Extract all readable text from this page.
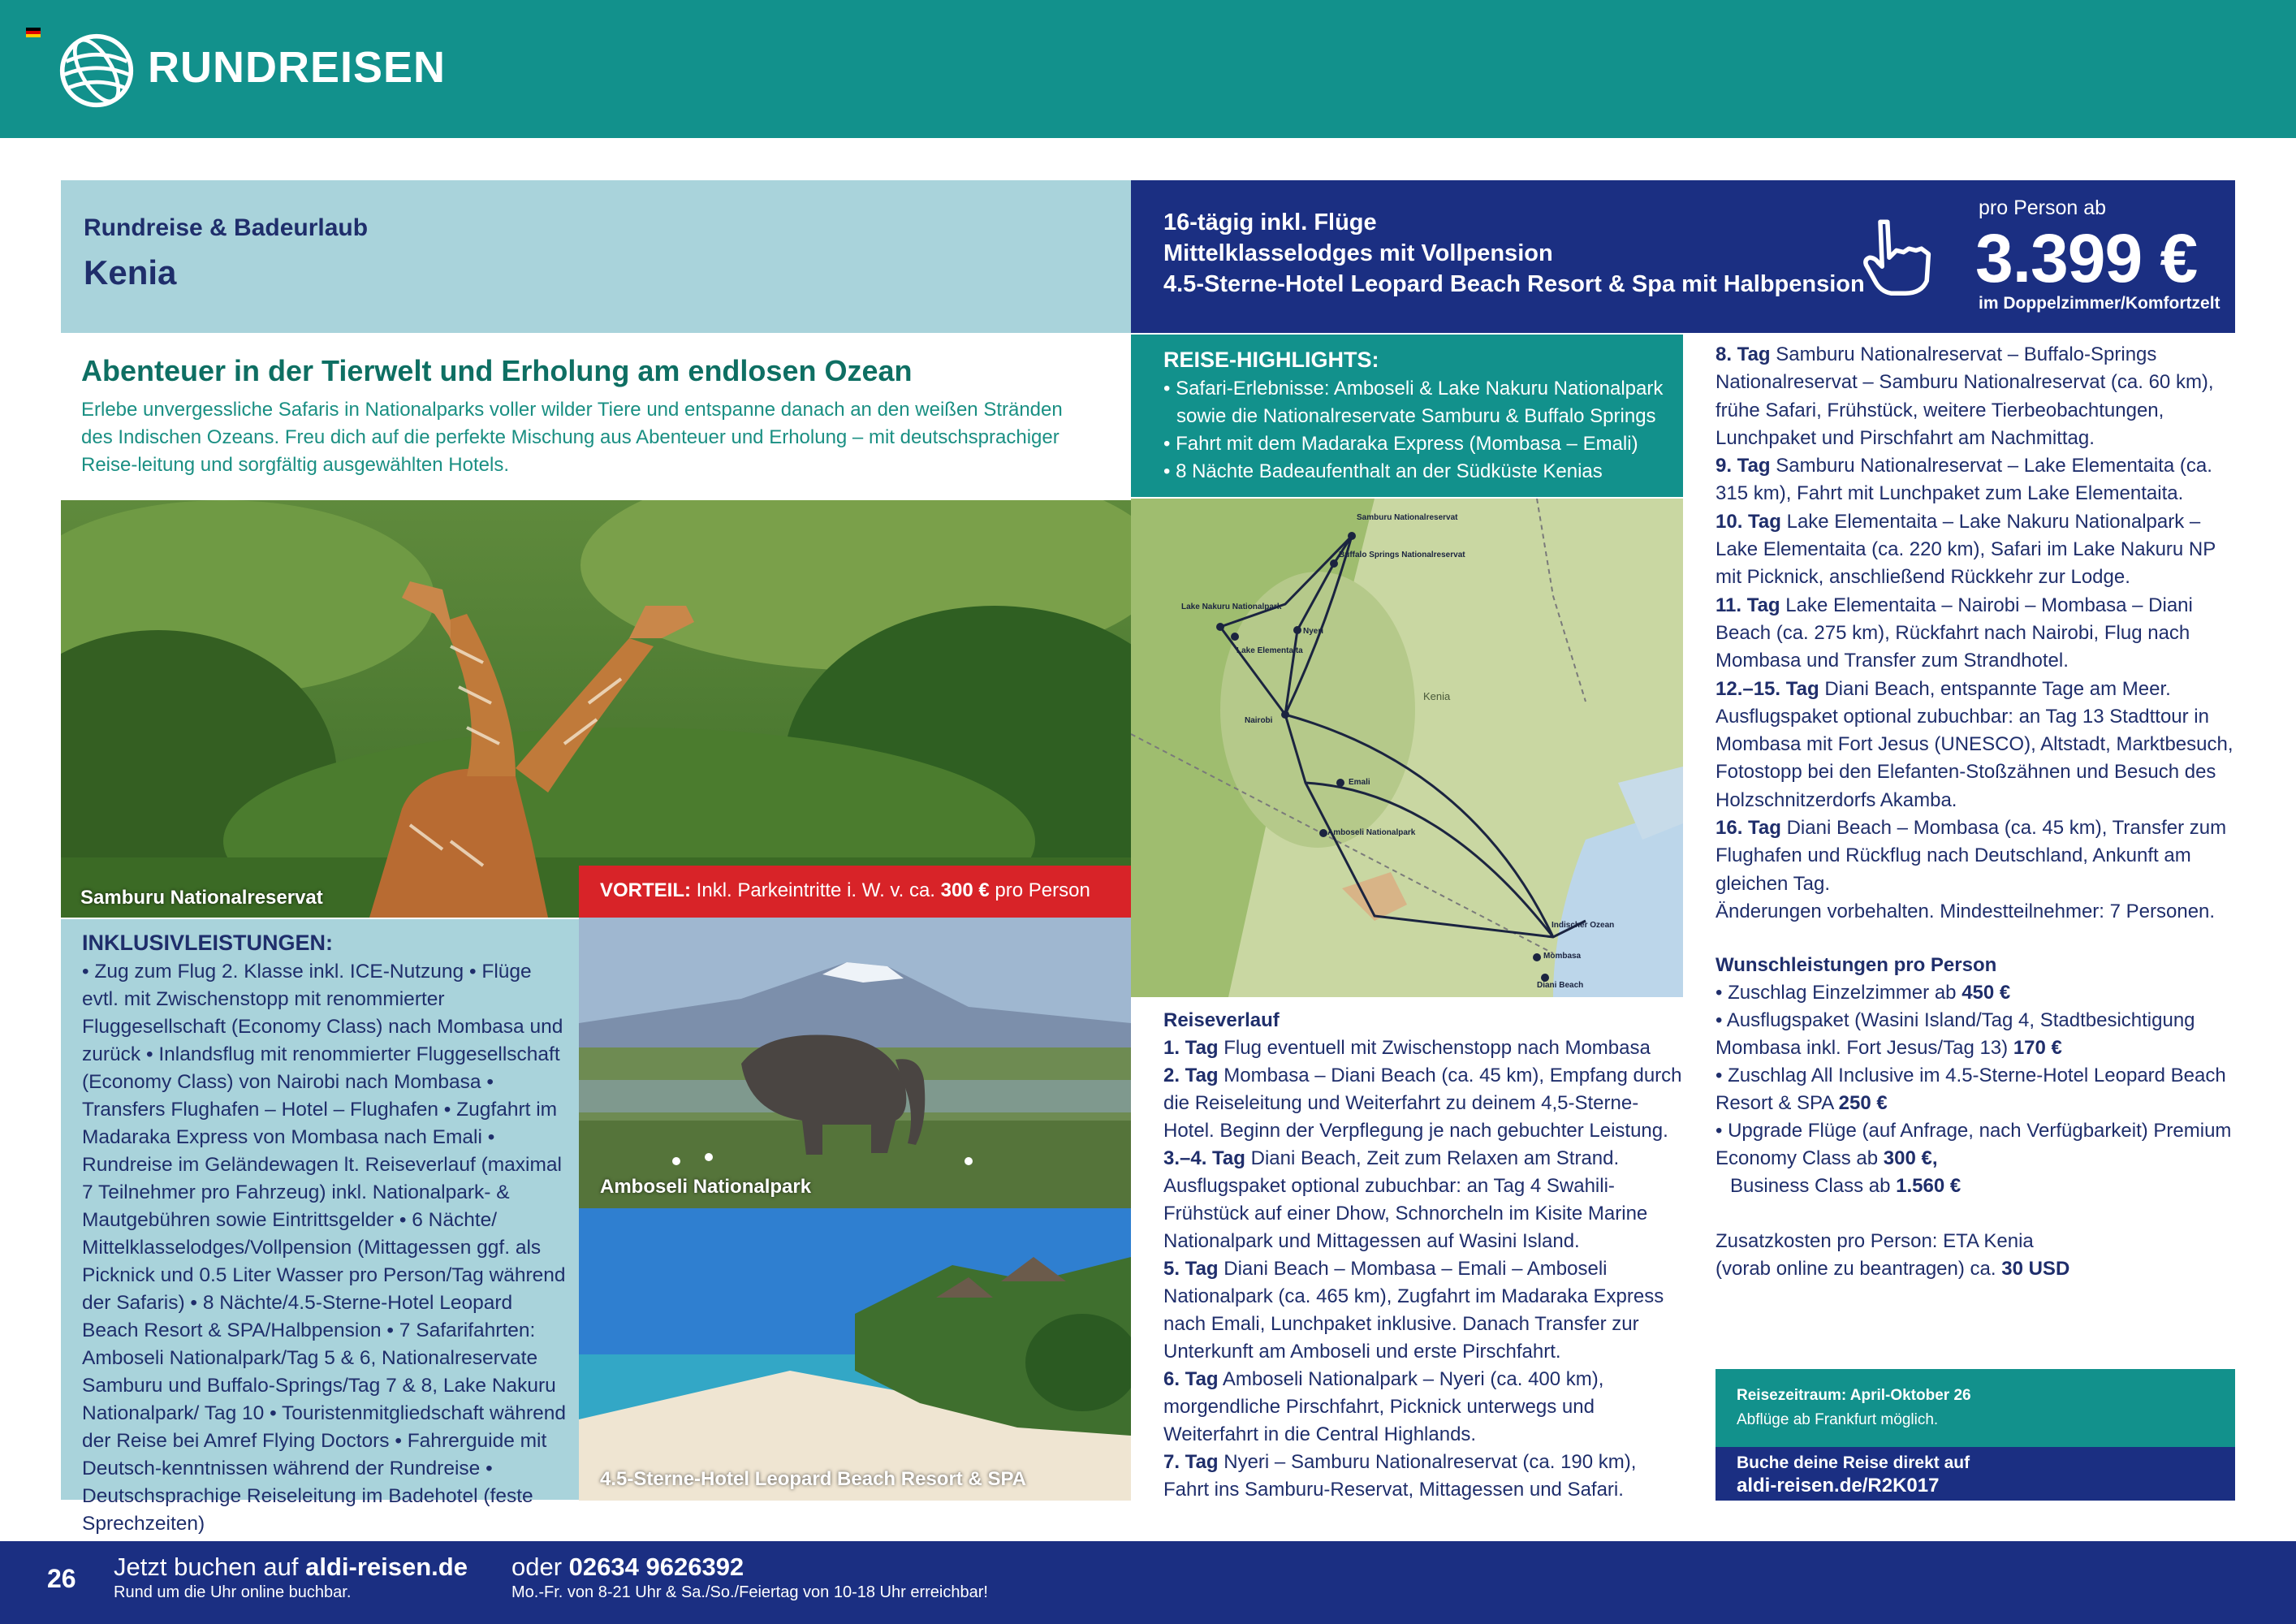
RUNDREISEN
Rundreise & Badeurlaub
Kenia
16-tägig inkl. Flüge
Mittelklasselodges mit Vollpension
4.5-Sterne-Hotel Leopard Beach Resort & Spa mit Halbpension
pro Person ab
3.399 €
im Doppelzimmer/Komfortzelt
Abenteuer in der Tierwelt und Erholung am endlosen Ozean
Erlebe unvergessliche Safaris in Nationalparks voller wilder Tiere und entspanne danach an den weißen Stränden des Indischen Ozeans. Freu dich auf die perfekte Mischung aus Abenteuer und Erholung – mit deutschsprachiger Reise-leitung und sorgfältig ausgewählten Hotels.
Samburu Nationalreservat	VORTEIL: Inkl. Parkeintritte i. W. v. ca. 300 € pro Person
Amboseli Nationalpark
4.5-Sterne-Hotel Leopard Beach Resort & SPA
INKLUSIVLEISTUNGEN:
• Zug zum Flug 2. Klasse inkl. ICE-Nutzung • Flüge evtl. mit Zwischenstopp mit renommierter Fluggesellschaft (Economy Class) nach Mombasa und zurück • Inlandsflug mit renommierter Fluggesellschaft (Economy Class) von Nairobi nach Mombasa • Transfers Flughafen – Hotel – Flughafen • Zugfahrt im Madaraka Express von Mombasa nach Emali • Rundreise im Geländewagen lt. Reiseverlauf (maximal 7 Teilnehmer pro Fahrzeug) inkl. Nationalpark- & Mautgebühren sowie Eintrittsgelder • 6 Nächte/ Mittelklasselodges/Vollpension (Mittagessen ggf. als Picknick und 0.5 Liter Wasser pro Person/Tag während der Safaris) • 8 Nächte/4.5-Sterne-Hotel Leopard Beach Resort & SPA/Halbpension • 7 Safarifahrten: Amboseli Nationalpark/Tag 5 & 6, Nationalreservate Samburu und Buffalo-Springs/Tag 7 & 8, Lake Nakuru Nationalpark/ Tag 10 • Touristenmitgliedschaft während der Reise bei Amref Flying Doctors • Fahrerguide mit Deutsch-kenntnissen während der Rundreise • Deutschsprachige Reiseleitung im Badehotel (feste Sprechzeiten)
REISE-HIGHLIGHTS:
• Safari-Erlebnisse: Amboseli & Lake Nakuru Nationalpark
sowie die Nationalreservate Samburu & Buffalo Springs
• Fahrt mit dem Madaraka Express (Mombasa – Emali)
• 8 Nächte Badeaufenthalt an der Südküste Kenias
Samburu Nationalreservat
Buffalo Springs Nationalreservat
Lake Nakuru Nationalpark
Lake Elementaita
Nyeri
Nairobi
Emali
Amboseli Nationalpark
Indischer Ozean
Mombasa
Diani Beach
Kenia

Reiseverlauf

1. Tag Flug eventuell mit Zwischenstopp nach Mombasa

2. Tag Mombasa – Diani Beach (ca. 45 km), Empfang durch die Reiseleitung und Weiterfahrt zu deinem 4,5-Sterne-Hotel. Beginn der Verpflegung je nach gebuchter Leistung.

3.–4. Tag Diani Beach, Zeit zum Relaxen am Strand. Ausflugspaket optional zubuchbar: an Tag 4 Swahili-Frühstück auf einer Dhow, Schnorcheln im Kisite Marine Nationalpark und Mittagessen auf Wasini Island.

5. Tag Diani Beach – Mombasa – Emali – Amboseli Nationalpark (ca. 465 km), Zugfahrt im Madaraka Express nach Emali, Lunchpaket inklusive. Danach Transfer zur Unterkunft am Amboseli und erste Pirschfahrt.

6. Tag Amboseli Nationalpark – Nyeri (ca. 400 km), morgendliche Pirschfahrt, Picknick unterwegs und Weiterfahrt in die Central Highlands.

7. Tag Nyeri – Samburu Nationalreservat (ca. 190 km), Fahrt ins Samburu-Reservat, Mittagessen und Safari.

8. Tag Samburu Nationalreservat – Buffalo-Springs Nationalreservat – Samburu Nationalreservat (ca. 60 km), frühe Safari, Frühstück, weitere Tierbeobachtungen, Lunchpaket und Pirschfahrt am Nachmittag.

9. Tag Samburu Nationalreservat – Lake Elementaita (ca. 315 km), Fahrt mit Lunchpaket zum Lake Elementaita.

10. Tag Lake Elementaita – Lake Nakuru Nationalpark – Lake Elementaita (ca. 220 km), Safari im Lake Nakuru NP mit Picknick, anschließend Rückkehr zur Lodge.

11. Tag Lake Elementaita – Nairobi – Mombasa – Diani Beach (ca. 275 km), Rückfahrt nach Nairobi, Flug nach Mombasa und Transfer zum Strandhotel.

12.–15. Tag Diani Beach, entspannte Tage am Meer. Ausflugspaket optional zubuchbar: an Tag 13 Stadttour in Mombasa mit Fort Jesus (UNESCO), Altstadt, Marktbesuch, Fotostopp bei den Elefanten-Stoßzähnen und Besuch des Holzschnitzerdorfs Akamba.

16. Tag Diani Beach – Mombasa (ca. 45 km), Transfer zum Flughafen und Rückflug nach Deutschland, Ankunft am gleichen Tag.

Änderungen vorbehalten. Mindestteilnehmer: 7 Personen.

Wunschleistungen pro Person

• Zuschlag Einzelzimmer ab 450 €
• Ausflugspaket (Wasini Island/Tag 4, Stadtbesichtigung Mombasa inkl. Fort Jesus/Tag 13) 170 €
• Zuschlag All Inclusive im 4.5-Sterne-Hotel Leopard Beach Resort & SPA 250 €
• Upgrade Flüge (auf Anfrage, nach Verfügbarkeit) Premium Economy Class ab 300 €,
Business Class ab 1.560 €

Zusatzkosten pro Person: ETA Kenia

(vorab online zu beantragen) ca. 30 USD

Reisezeitraum: April-Oktober 26
Abflüge ab Frankfurt möglich.
Buche deine Reise direkt auf
aldi-reisen.de/R2K017
26 Jetzt buchen auf aldi-reisen.de
Rund um die Uhr online buchbar.
oder 02634 9626392
Mo.-Fr. von 8-21 Uhr & Sa./So./Feiertag von 10-18 Uhr erreichbar!
